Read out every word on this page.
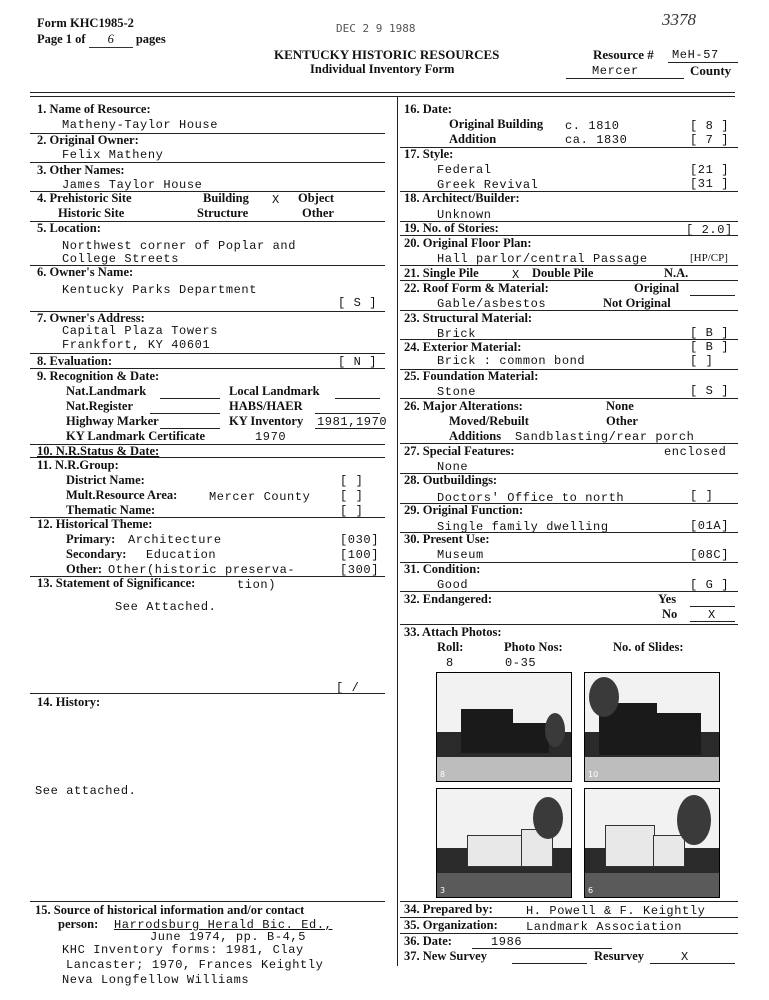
Form KHC1985-2
Page 1 of 6 pages
DEC 2 9 1988	3378
KENTUCKY HISTORIC RESOURCES
Individual Inventory Form
Resource # MeH-57
Mercer	County
1. Name of Resource:
Matheny-Taylor House
2. Original Owner:
Felix Matheny
3. Other Names:
James Taylor House
4. Prehistoric Site	Building X Object
Historic Site	Structure	Other
5. Location:
Northwest corner of Poplar and
College Streets
6. Owner's Name:
Kentucky Parks Department
[ S ]
7. Owner's Address:
Capital Plaza Towers
Frankfort, KY 40601
8. Evaluation:	[ N ]
9. Recognition & Date:
Nat.Landmark	Local Landmark
Nat.Register	HABS/HAER
Highway Marker	KY Inventory 1981,1970
KY Landmark Certificate	1970
10. N.R.Status & Date:
11. N.R.Group:
District Name:	[ ]
Mult.Resource Area:	Mercer County [ ]
Thematic Name:	[ ]
12. Historical Theme:
Primary: Architecture	[030]
Secondary: Education	[100]
Other: Other(historic preserva-	[300]
13. Statement of Significance:	tion)
See Attached.
[ /
14. History:
See attached.
15. Source of historical information and/or contact
person: Harrodsburg Herald Bic. Ed.,
June 1974, pp. B-4,5
KHC Inventory forms: 1981, Clay
Lancaster; 1970, Frances Keightly
Neva Longfellow Williams
16. Date:
Original Building c. 1810	[ 8 ]
Addition	ca. 1830	[ 7 ]
17. Style:
Federal	[21 ]
Greek Revival	[31 ]
18. Architect/Builder:
Unknown
19. No. of Stories:	[ 2.0]
20. Original Floor Plan:
Hall parlor/central Passage	[HP/CP]
21. Single Pile	X Double Pile	N.A.
22. Roof Form & Material:	Original
Gable/asbestos	Not Original
23. Structural Material:
Brick	[ B ]
24. Exterior Material:	[ B ]
Brick : common bond	[ ]
25. Foundation Material:
Stone	[ S ]
26. Major Alterations:	None
Moved/Rebuilt	Other
Additions Sandblasting/rear porch
27. Special Features:	enclosed
None
28. Outbuildings:
Doctors' Office to north	[ ]
29. Original Function:
Single family dwelling	[01A]
30. Present Use:
Museum	[08C]
31. Condition:
Good	[ G ]
32. Endangered:	Yes
No	X
33. Attach Photos:
Roll:	Photo Nos:	No. of Slides:
8	0-35
8	10
3	6
34. Prepared by:	H. Powell & F. Keightly
35. Organization: Landmark Association
36. Date:	1986
37. New Survey	Resurvey	X
